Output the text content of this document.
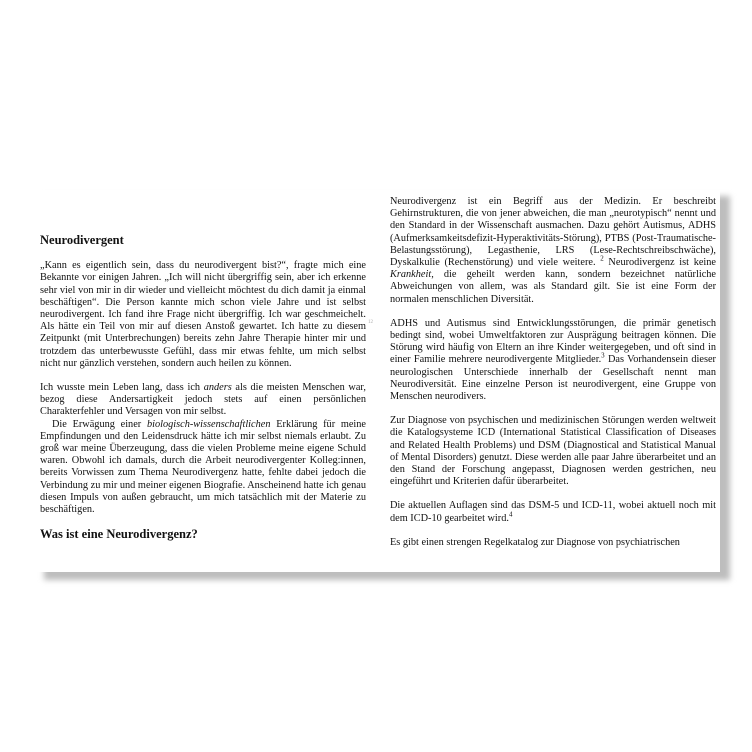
Neurodivergent

„Kann es eigentlich sein, dass du neurodivergent bist?“, fragte mich eine Bekannte vor einigen Jahren. „Ich will nicht übergriffig sein, aber ich erkenne sehr viel von mir in dir wieder und vielleicht möchtest du dich damit ja einmal beschäftigen“. Die Person kannte mich schon viele Jahre und ist selbst neurodivergent. Ich fand ihre Frage nicht übergriffig. Ich war geschmeichelt. Als hätte ein Teil von mir auf diesen Anstoß gewartet. Ich hatte zu diesem Zeitpunkt (mit Unterbrechungen) bereits zehn Jahre Therapie hinter mir und trotzdem das unterbewusste Gefühl, dass mir etwas fehlte, um mich selbst nicht nur gänzlich verstehen, sondern auch heilen zu können.

Ich wusste mein Leben lang, dass ich anders als die meisten Menschen war, bezog diese Andersartigkeit jedoch stets auf einen persönlichen Charakterfehler und Versagen von mir selbst.

Die Erwägung einer biologisch-wissenschaftlichen Erklärung für meine Empfindungen und den Leidensdruck hätte ich mir selbst niemals erlaubt. Zu groß war meine Überzeugung, dass die vielen Probleme meine eigene Schuld waren. Obwohl ich damals, durch die Arbeit neurodivergenter Kolleg:innen, bereits Vorwissen zum Thema Neurodivergenz hatte, fehlte dabei jedoch die Verbindung zu mir und meiner eigenen Biografie. Anscheinend hatte ich genau diesen Impuls von außen gebraucht, um mich tatsächlich mit der Materie zu beschäftigen.

Was ist eine Neurodivergenz?
12

Neurodivergenz ist ein Begriff aus der Medizin. Er beschreibt Gehirnstrukturen, die von jener abweichen, die man „neurotypisch“ nennt und den Standard in der Wissenschaft ausmachen. Dazu gehört Autismus, ADHS (Aufmerksamkeitsdefizit-Hyperaktivitäts-Störung), PTBS (Post-Traumatische-Belastungsstörung), Legasthenie, LRS (Lese-Rechtschreibschwäche), Dyskalkulie (Rechenstörung) und viele weitere. $^2$ Neurodivergenz ist keine Krankheit, die geheilt werden kann, sondern bezeichnet natürliche Abweichungen von allem, was als Standard gilt. Sie ist eine Form der normalen menschlichen Diversität.

ADHS und Autismus sind Entwicklungsstörungen, die primär genetisch bedingt sind, wobei Umweltfaktoren zur Ausprägung beitragen können. Die Störung wird häufig von Eltern an ihre Kinder weitergegeben, und oft sind in einer Familie mehrere neurodivergente Mitglieder.$^3$ Das Vorhandensein dieser neurologischen Unterschiede innerhalb der Gesellschaft nennt man Neurodiversität. Eine einzelne Person ist neurodivergent, eine Gruppe von Menschen neurodivers.

Zur Diagnose von psychischen und medizinischen Störungen werden weltweit die Katalogsysteme ICD (International Statistical Classification of Diseases and Related Health Problems) und DSM (Diagnostical and Statistical Manual of Mental Disorders) genutzt. Diese werden alle paar Jahre überarbeitet und an den Stand der Forschung angepasst, Diagnosen werden gestrichen, neu eingeführt und Kriterien dafür überarbeitet.

Die aktuellen Auflagen sind das DSM-5 und ICD-11, wobei aktuell noch mit dem ICD-10 gearbeitet wird.$^4$

Es gibt einen strengen Regelkatalog zur Diagnose von psychiatrischen
